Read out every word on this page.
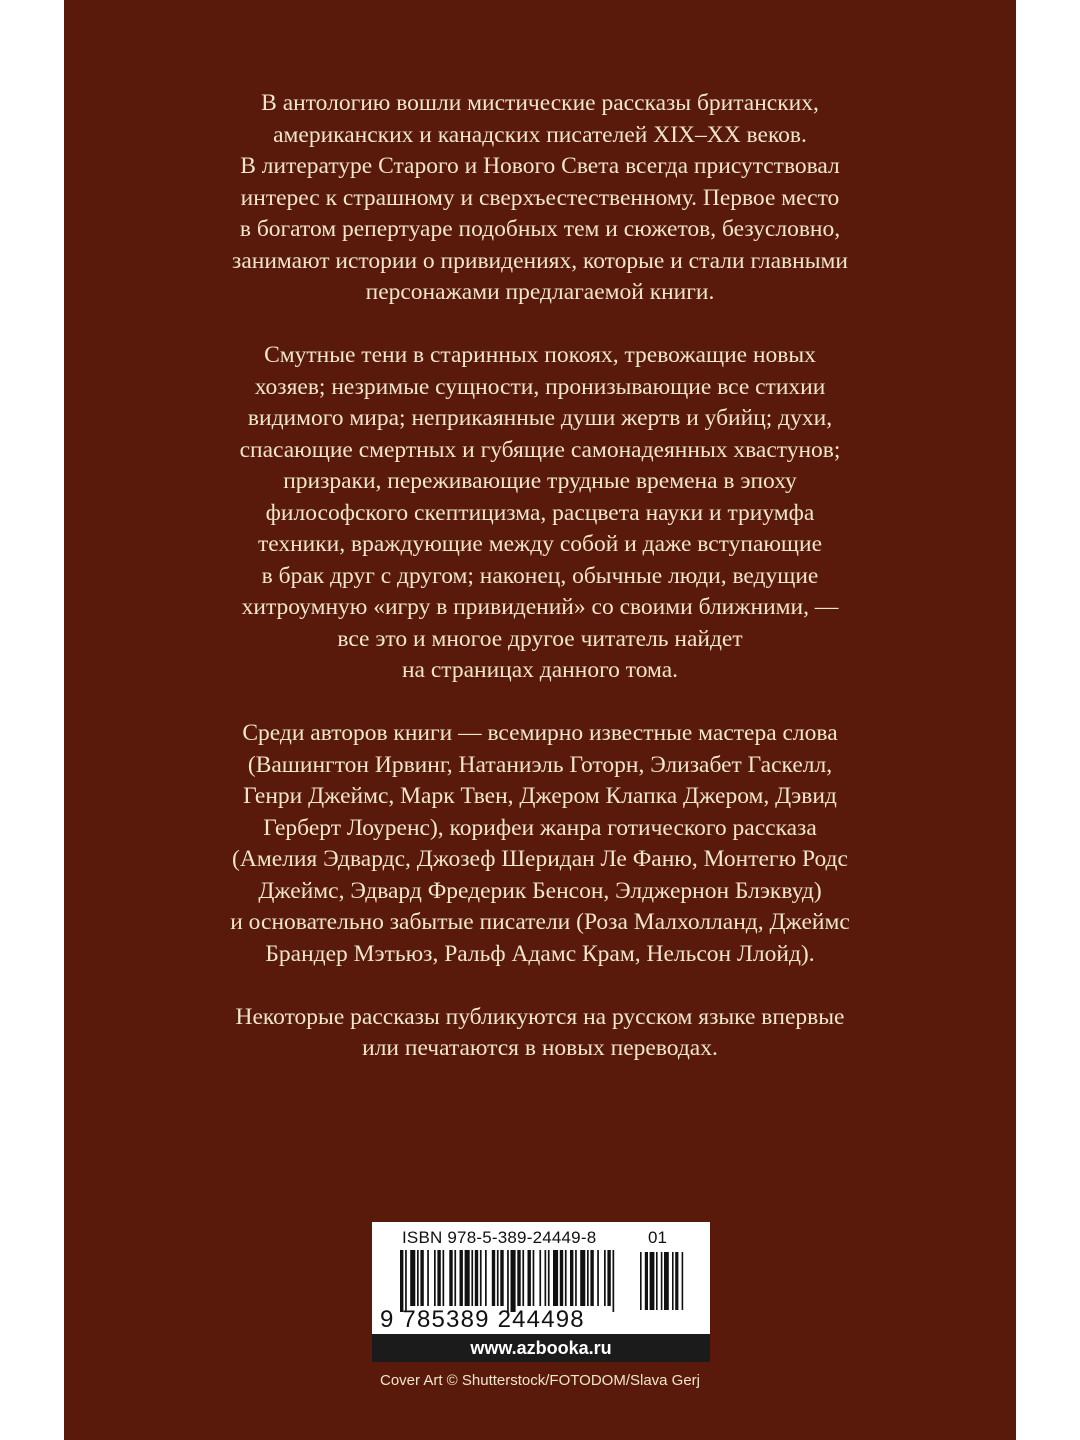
В антологию вошли мистические рассказы британских,
американских и канадских писателей XIX–XX веков.
В литературе Старого и Нового Света всегда присутствовал
интерес к страшному и сверхъестественному. Первое место
в богатом репертуаре подобных тем и сюжетов, безусловно,
занимают истории о привидениях, которые и стали главными
персонажами предлагаемой книги.

Смутные тени в старинных покоях, тревожащие новых
хозяев; незримые сущности, пронизывающие все стихии
видимого мира; неприкаянные души жертв и убийц; духи,
спасающие смертных и губящие самонадеянных хвастунов;
призраки, переживающие трудные времена в эпоху
философского скептицизма, расцвета науки и триумфа
техники, враждующие между собой и даже вступающие
в брак друг с другом; наконец, обычные люди, ведущие
хитроумную «игру в привидений» со своими ближними, —
все это и многое другое читатель найдет
на страницах данного тома.

Среди авторов книги — всемирно известные мастера слова
(Вашингтон Ирвинг, Натаниэль Готорн, Элизабет Гаскелл,
Генри Джеймс, Марк Твен, Джером Клапка Джером, Дэвид
Герберт Лоуренс), корифеи жанра готического рассказа
(Амелия Эдвардс, Джозеф Шеридан Ле Фаню, Монтегю Родс
Джеймс, Эдвард Фредерик Бенсон, Элджернон Блэквуд)
и основательно забытые писатели (Роза Малхолланд, Джеймс
Брандер Мэтьюз, Ральф Адамс Крам, Нельсон Ллойд).

Некоторые рассказы публикуются на русском языке впервые
или печатаются в новых переводах.

ISBN 978-5-389-24449-8	01
9 785389 244498
www.azbooka.ru
Cover Art © Shutterstock/FOTODOM/Slava Gerj
